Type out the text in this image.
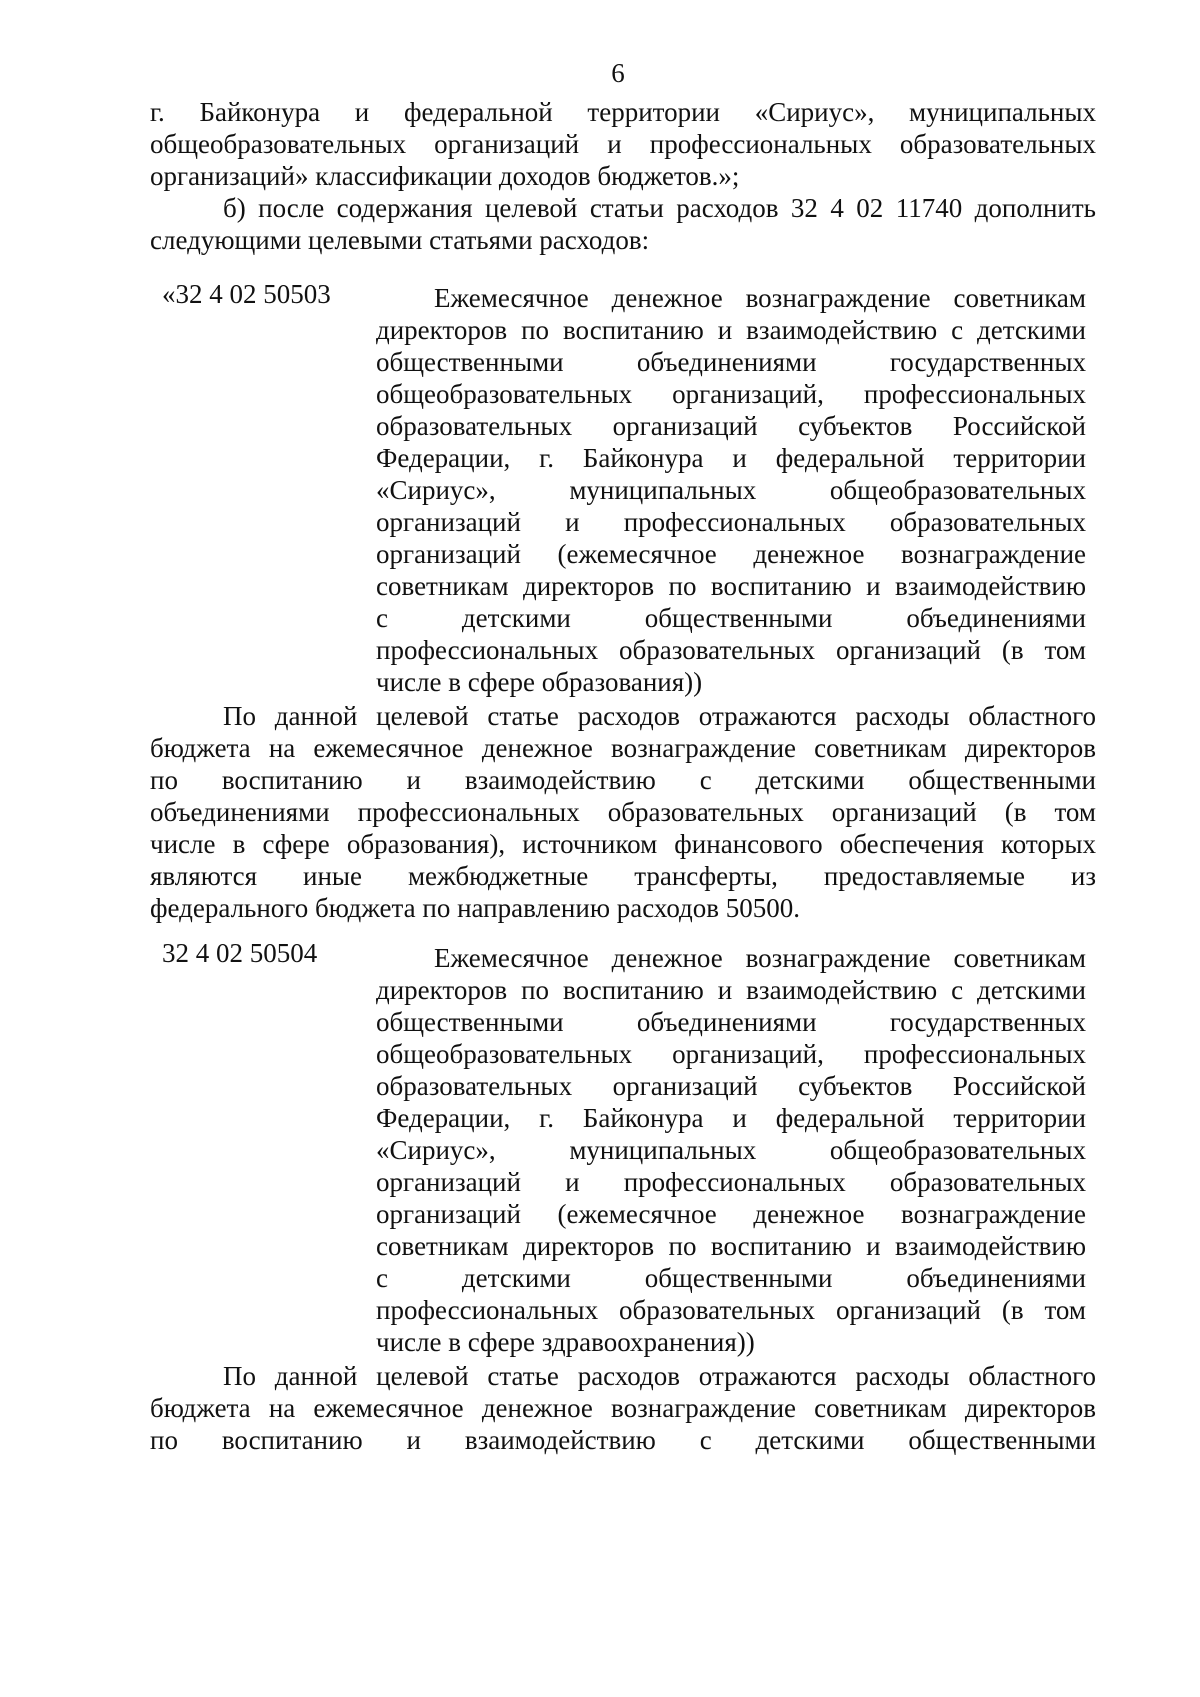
6
г. Байконура и федеральной территории «Сириус», муниципальных
общеобразовательных организаций и профессиональных образовательных
организаций» классификации доходов бюджетов.»;
б) после содержания целевой статьи расходов 32 4 02 11740 дополнить
следующими целевыми статьями расходов:
«32 4 02 50503	Ежемесячное денежное вознаграждение советникам
директоров по воспитанию и взаимодействию с детскими
общественными объединениями государственных
общеобразовательных организаций, профессиональных
образовательных организаций субъектов Российской
Федерации, г. Байконура и федеральной территории
«Сириус», муниципальных общеобразовательных
организаций и профессиональных образовательных
организаций (ежемесячное денежное вознаграждение
советникам директоров по воспитанию и взаимодействию
с детскими общественными объединениями
профессиональных образовательных организаций (в том
числе в сфере образования))
По данной целевой статье расходов отражаются расходы областного
бюджета на ежемесячное денежное вознаграждение советникам директоров
по воспитанию и взаимодействию с детскими общественными
объединениями профессиональных образовательных организаций (в том
числе в сфере образования), источником финансового обеспечения которых
являются иные межбюджетные трансферты, предоставляемые из
федерального бюджета по направлению расходов 50500.
32 4 02 50504	Ежемесячное денежное вознаграждение советникам
директоров по воспитанию и взаимодействию с детскими
общественными объединениями государственных
общеобразовательных организаций, профессиональных
образовательных организаций субъектов Российской
Федерации, г. Байконура и федеральной территории
«Сириус», муниципальных общеобразовательных
организаций и профессиональных образовательных
организаций (ежемесячное денежное вознаграждение
советникам директоров по воспитанию и взаимодействию
с детскими общественными объединениями
профессиональных образовательных организаций (в том
числе в сфере здравоохранения))
По данной целевой статье расходов отражаются расходы областного
бюджета на ежемесячное денежное вознаграждение советникам директоров
по воспитанию и взаимодействию с детскими общественными
